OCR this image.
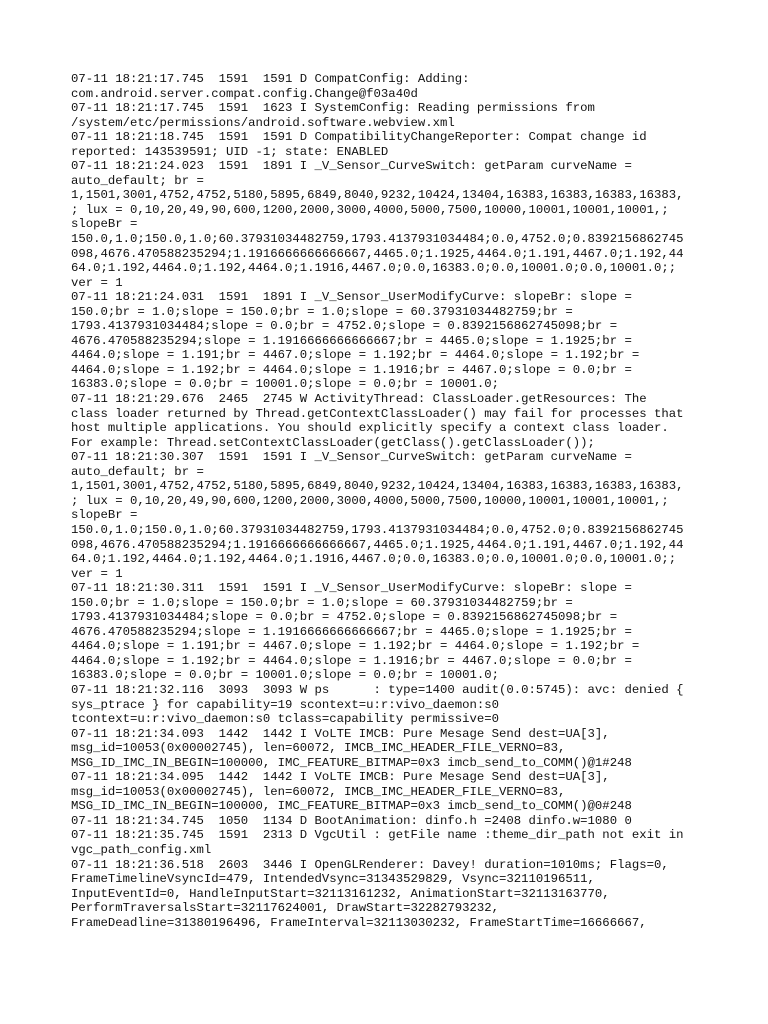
07-11 18:21:17.745  1591  1591 D CompatConfig: Adding:
com.android.server.compat.config.Change@f03a40d
07-11 18:21:17.745  1591  1623 I SystemConfig: Reading permissions from
/system/etc/permissions/android.software.webview.xml
07-11 18:21:18.745  1591  1591 D CompatibilityChangeReporter: Compat change id
reported: 143539591; UID -1; state: ENABLED
07-11 18:21:24.023  1591  1891 I _V_Sensor_CurveSwitch: getParam curveName =
auto_default; br =
1,1501,3001,4752,4752,5180,5895,6849,8040,9232,10424,13404,16383,16383,16383,16383,
; lux = 0,10,20,49,90,600,1200,2000,3000,4000,5000,7500,10000,10001,10001,10001,;
slopeBr =
150.0,1.0;150.0,1.0;60.37931034482759,1793.4137931034484;0.0,4752.0;0.8392156862745
098,4676.470588235294;1.1916666666666667,4465.0;1.1925,4464.0;1.191,4467.0;1.192,44
64.0;1.192,4464.0;1.192,4464.0;1.1916,4467.0;0.0,16383.0;0.0,10001.0;0.0,10001.0;;
ver = 1
07-11 18:21:24.031  1591  1891 I _V_Sensor_UserModifyCurve: slopeBr: slope =
150.0;br = 1.0;slope = 150.0;br = 1.0;slope = 60.37931034482759;br =
1793.4137931034484;slope = 0.0;br = 4752.0;slope = 0.8392156862745098;br =
4676.470588235294;slope = 1.1916666666666667;br = 4465.0;slope = 1.1925;br =
4464.0;slope = 1.191;br = 4467.0;slope = 1.192;br = 4464.0;slope = 1.192;br =
4464.0;slope = 1.192;br = 4464.0;slope = 1.1916;br = 4467.0;slope = 0.0;br =
16383.0;slope = 0.0;br = 10001.0;slope = 0.0;br = 10001.0;
07-11 18:21:29.676  2465  2745 W ActivityThread: ClassLoader.getResources: The
class loader returned by Thread.getContextClassLoader() may fail for processes that
host multiple applications. You should explicitly specify a context class loader.
For example: Thread.setContextClassLoader(getClass().getClassLoader());
07-11 18:21:30.307  1591  1591 I _V_Sensor_CurveSwitch: getParam curveName =
auto_default; br =
1,1501,3001,4752,4752,5180,5895,6849,8040,9232,10424,13404,16383,16383,16383,16383,
; lux = 0,10,20,49,90,600,1200,2000,3000,4000,5000,7500,10000,10001,10001,10001,;
slopeBr =
150.0,1.0;150.0,1.0;60.37931034482759,1793.4137931034484;0.0,4752.0;0.8392156862745
098,4676.470588235294;1.1916666666666667,4465.0;1.1925,4464.0;1.191,4467.0;1.192,44
64.0;1.192,4464.0;1.192,4464.0;1.1916,4467.0;0.0,16383.0;0.0,10001.0;0.0,10001.0;;
ver = 1
07-11 18:21:30.311  1591  1591 I _V_Sensor_UserModifyCurve: slopeBr: slope =
150.0;br = 1.0;slope = 150.0;br = 1.0;slope = 60.37931034482759;br =
1793.4137931034484;slope = 0.0;br = 4752.0;slope = 0.8392156862745098;br =
4676.470588235294;slope = 1.1916666666666667;br = 4465.0;slope = 1.1925;br =
4464.0;slope = 1.191;br = 4467.0;slope = 1.192;br = 4464.0;slope = 1.192;br =
4464.0;slope = 1.192;br = 4464.0;slope = 1.1916;br = 4467.0;slope = 0.0;br =
16383.0;slope = 0.0;br = 10001.0;slope = 0.0;br = 10001.0;
07-11 18:21:32.116  3093  3093 W ps      : type=1400 audit(0.0:5745): avc: denied {
sys_ptrace } for capability=19 scontext=u:r:vivo_daemon:s0
tcontext=u:r:vivo_daemon:s0 tclass=capability permissive=0
07-11 18:21:34.093  1442  1442 I VoLTE IMCB: Pure Mesage Send dest=UA[3],
msg_id=10053(0x00002745), len=60072, IMCB_IMC_HEADER_FILE_VERNO=83,
MSG_ID_IMC_IN_BEGIN=100000, IMC_FEATURE_BITMAP=0x3 imcb_send_to_COMM()@1#248
07-11 18:21:34.095  1442  1442 I VoLTE IMCB: Pure Mesage Send dest=UA[3],
msg_id=10053(0x00002745), len=60072, IMCB_IMC_HEADER_FILE_VERNO=83,
MSG_ID_IMC_IN_BEGIN=100000, IMC_FEATURE_BITMAP=0x3 imcb_send_to_COMM()@0#248
07-11 18:21:34.745  1050  1134 D BootAnimation: dinfo.h =2408 dinfo.w=1080 0
07-11 18:21:35.745  1591  2313 D VgcUtil : getFile name :theme_dir_path not exit in
vgc_path_config.xml
07-11 18:21:36.518  2603  3446 I OpenGLRenderer: Davey! duration=1010ms; Flags=0,
FrameTimelineVsyncId=479, IntendedVsync=31343529829, Vsync=32110196511,
InputEventId=0, HandleInputStart=32113161232, AnimationStart=32113163770,
PerformTraversalsStart=32117624001, DrawStart=32282793232,
FrameDeadline=31380196496, FrameInterval=32113030232, FrameStartTime=16666667,
